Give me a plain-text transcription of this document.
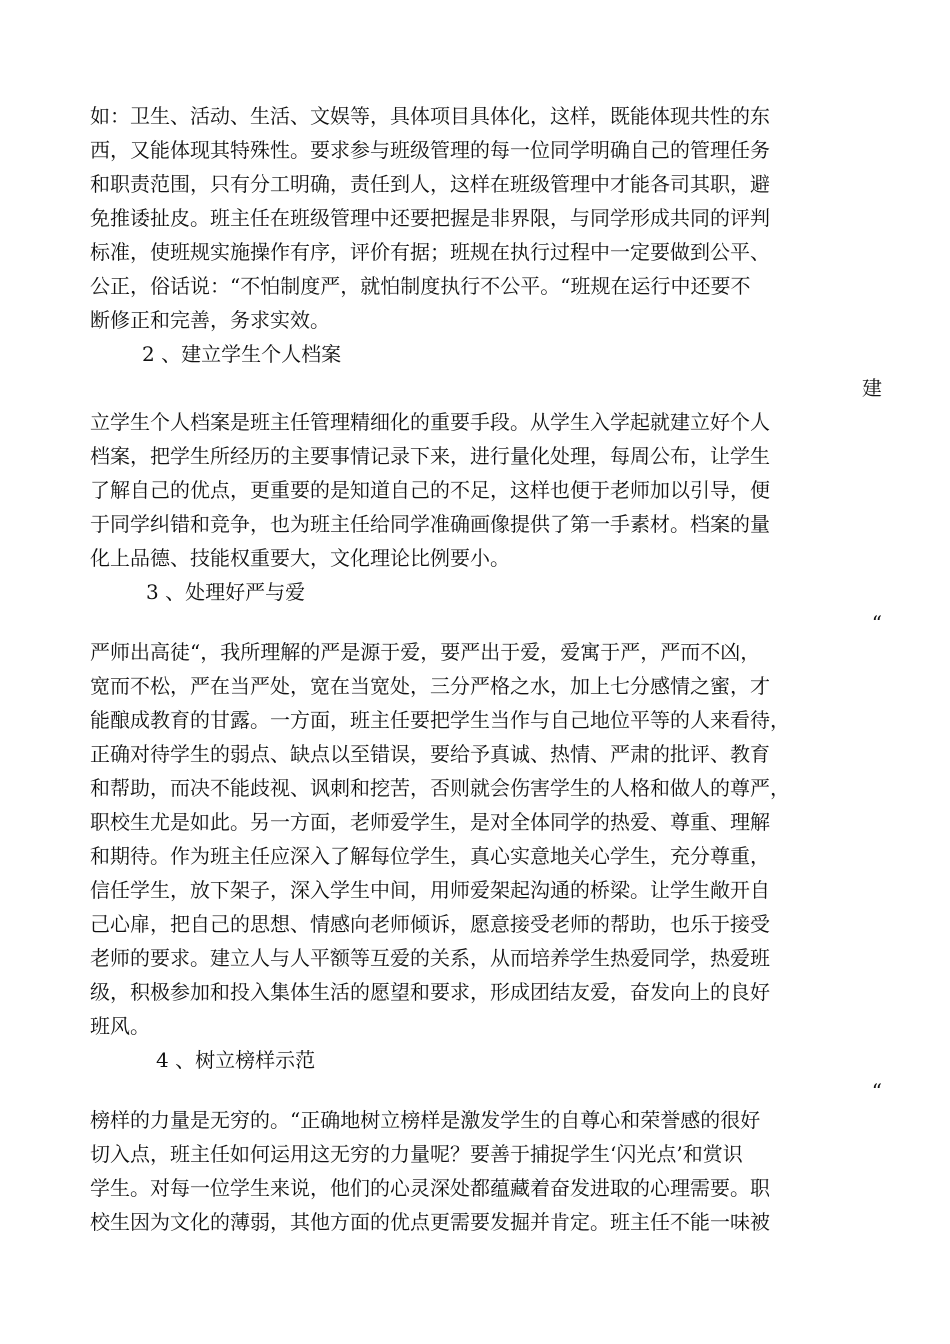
如：卫生、活动、生活、文娱等，具体项目具体化，这样，既能体现共性的东
西，又能体现其特殊性。要求参与班级管理的每一位同学明确自己的管理任务
和职责范围，只有分工明确，责任到人，这样在班级管理中才能各司其职，避
免推诿扯皮。班主任在班级管理中还要把握是非界限，与同学形成共同的评判
标准，使班规实施操作有序，评价有据；班规在执行过程中一定要做到公平、
公正，俗话说：“不怕制度严，就怕制度执行不公平。“班规在运行中还要不
断修正和完善，务求实效。
2 、建立学生个人档案
建
立学生个人档案是班主任管理精细化的重要手段。从学生入学起就建立好个人
档案，把学生所经历的主要事情记录下来，进行量化处理，每周公布，让学生
了解自己的优点，更重要的是知道自己的不足，这样也便于老师加以引导，便
于同学纠错和竞争，也为班主任给同学准确画像提供了第一手素材。档案的量
化上品德、技能权重要大，文化理论比例要小。
3 、处理好严与爱
“
严师出高徒“，我所理解的严是源于爱，要严出于爱，爱寓于严，严而不凶，
宽而不松，严在当严处，宽在当宽处，三分严格之水，加上七分感情之蜜，才
能酿成教育的甘露。一方面，班主任要把学生当作与自己地位平等的人来看待，
正确对待学生的弱点、缺点以至错误，要给予真诚、热情、严肃的批评、教育
和帮助，而决不能歧视、讽刺和挖苦，否则就会伤害学生的人格和做人的尊严，
职校生尤是如此。另一方面，老师爱学生，是对全体同学的热爱、尊重、理解
和期待。作为班主任应深入了解每位学生，真心实意地关心学生，充分尊重，
信任学生，放下架子，深入学生中间，用师爱架起沟通的桥梁。让学生敞开自
己心扉，把自己的思想、情感向老师倾诉，愿意接受老师的帮助，也乐于接受
老师的要求。建立人与人平额等互爱的关系，从而培养学生热爱同学，热爱班
级，积极参加和投入集体生活的愿望和要求，形成团结友爱，奋发向上的良好
班风。
4 、树立榜样示范
“
榜样的力量是无穷的。“正确地树立榜样是激发学生的自尊心和荣誉感的很好
切入点，班主任如何运用这无穷的力量呢？要善于捕捉学生‘闪光点’和赏识
学生。对每一位学生来说，他们的心灵深处都蕴藏着奋发进取的心理需要。职
校生因为文化的薄弱，其他方面的优点更需要发掘并肯定。班主任不能一味被
